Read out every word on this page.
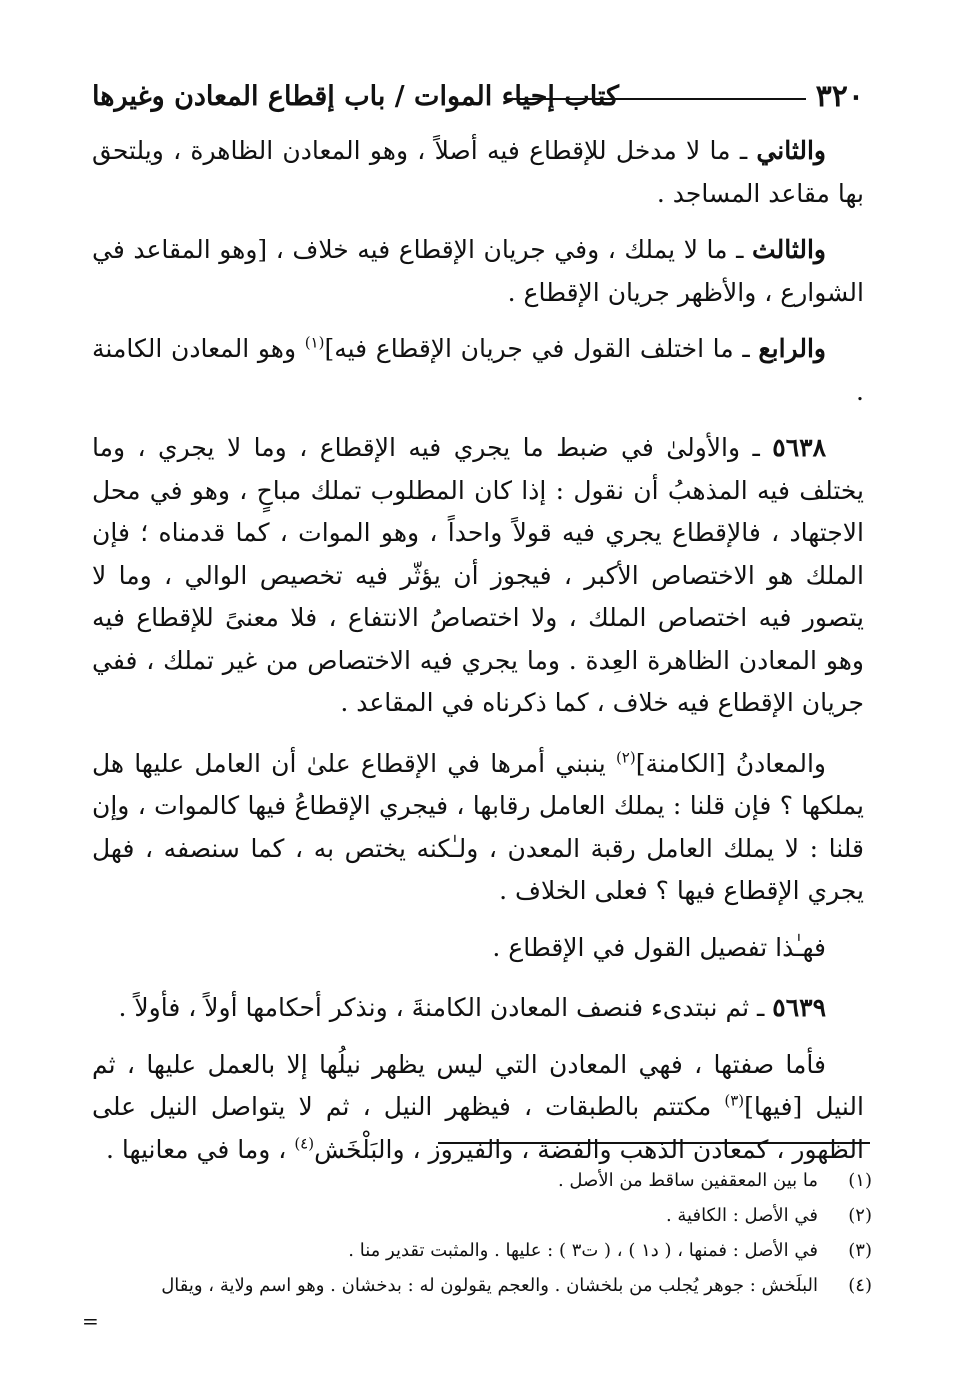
٣٢٠
كتاب إحياء الموات / باب إقطاع المعادن وغيرها

والثاني ـ ما لا مدخل للإقطاع فيه أصلاً ، وهو المعادن الظاهرة ، ويلتحق بها مقاعد المساجد .

والثالث ـ ما لا يملك ، وفي جريان الإقطاع فيه خلاف ، [وهو المقاعد في الشوارع ، والأظهر جريان الإقطاع .

والرابع ـ ما اختلف القول في جريان الإقطاع فيه]$^{(١)}$ وهو المعادن الكامنة .

٥٦٣٨ ـ والأولىٰ في ضبط ما يجري فيه الإقطاع ، وما لا يجري ، وما يختلف فيه المذهبُ أن نقول : إذا كان المطلوب تملك مباحٍ ، وهو في محل الاجتهاد ، فالإقطاع يجري فيه قولاً واحداً ، وهو الموات ، كما قدمناه ؛ فإن الملك هو الاختصاص الأكبر ، فيجوز أن يؤثّر فيه تخصيص الوالي ، وما لا يتصور فيه اختصاص الملك ، ولا اختصاصُ الانتفاع ، فلا معنىً للإقطاع فيه وهو المعادن الظاهرة العِدة . وما يجري فيه الاختصاص من غير تملك ، ففي جريان الإقطاع فيه خلاف ، كما ذكرناه في المقاعد .

والمعادنُ [الكامنة]$^{(٢)}$ ينبني أمرها في الإقطاع علىٰ أن العامل عليها هل يملكها ؟ فإن قلنا : يملك العامل رقابها ، فيجري الإقطاعُ فيها كالموات ، وإن قلنا : لا يملك العامل رقبة المعدن ، ولـٰكنه يختص به ، كما سنصفه ، فهل يجري الإقطاع فيها ؟ فعلى الخلاف .

فهـٰذا تفصيل القول في الإقطاع .

٥٦٣٩ ـ ثم نبتدىء فنصف المعادن الكامنةَ ، ونذكر أحكامها أولاً ، فأولاً .

فأما صفتها ، فهي المعادن التي ليس يظهر نيلُها إلا بالعمل عليها ، ثم النيل [فيها]$^{(٣)}$ مكتتم بالطبقات ، فيظهر النيل ، ثم لا يتواصل النيل على الظهور ، كمعادن الذهب والفضة ، والفيروز ، والبَلْخَش$^{(٤)}$ ، وما في معانيها .

(١)
ما بين المعقفين ساقط من الأصل .
(٢)
في الأصل : الكافية .
(٣)
في الأصل : فمنها ، ( د١ ) ، ( ت٣ ) : عليها . والمثبت تقدير منا .
(٤)
البلَخش : جوهر يُجلب من بلخشان . والعجم يقولون له : بدخشان . وهو اسم ولاية ، ويقال
=
